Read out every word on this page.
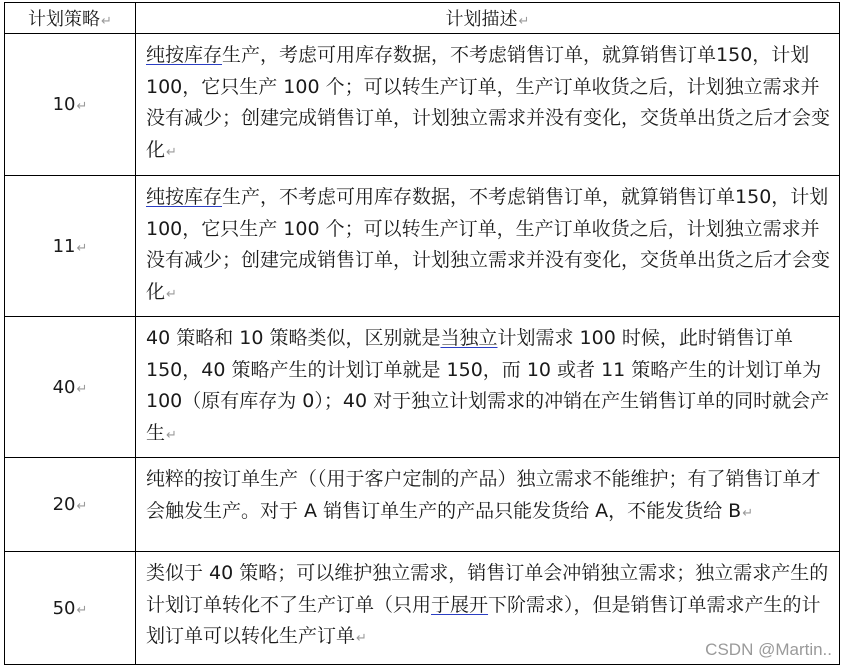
计划策略↵	计划描述↵
10↵	纯按库存生产，考虑可用库存数据，不考虑销售订单，就算销售订单150，计划 100，它只生产 100 个；可以转生产订单，生产订单收货之后，计划独立需求并没有减少；创建完成销售订单，计划独立需求并没有变化，交货单出货之后才会变化↵
11↵	纯按库存生产，不考虑可用库存数据，不考虑销售订单，就算销售订单150，计划 100，它只生产 100 个；可以转生产订单，生产订单收货之后，计划独立需求并没有减少；创建完成销售订单，计划独立需求并没有变化，交货单出货之后才会变化↵
40↵	40 策略和 10 策略类似，区别就是当独立计划需求 100 时候，此时销售订单 150，40 策略产生的计划订单就是 150，而 10 或者 11 策略产生的计划订单为 100（原有库存为 0）；40 对于独立计划需求的冲销在产生销售订单的同时就会产生↵
20↵	纯粹的按订单生产（（用于客户定制的产品）独立需求不能维护；有了销售订单才会触发生产。对于 A 销售订单生产的产品只能发货给 A，不能发货给 B↵
50↵	类似于 40 策略；可以维护独立需求，销售订单会冲销独立需求；独立需求产生的计划订单转化不了生产订单（只用于展开下阶需求），但是销售订单需求产生的计划订单可以转化生产订单↵
CSDN @Martin..
